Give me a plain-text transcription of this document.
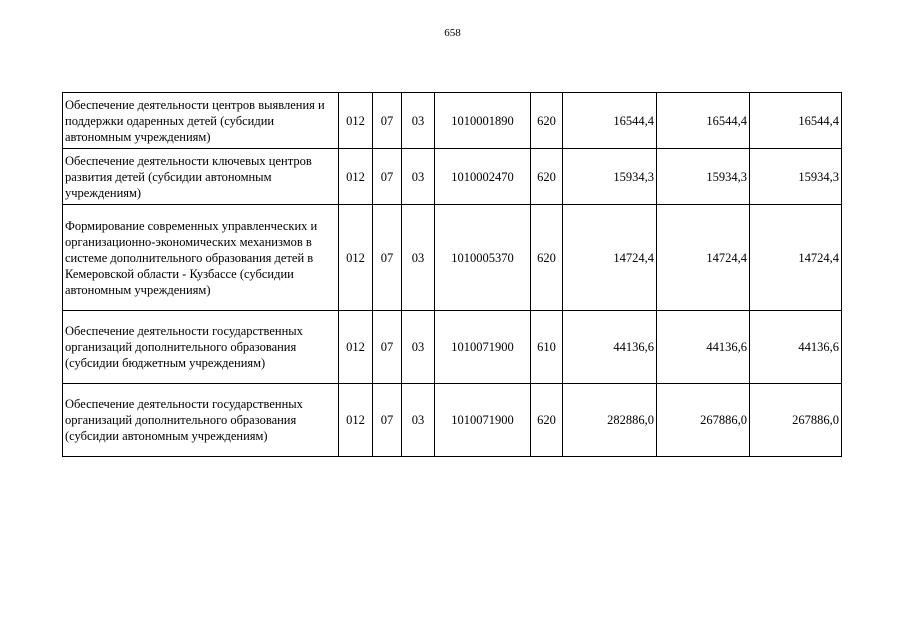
658
Обеспечение деятельности центров выявления и поддержки одаренных детей (субсидии автономным учреждениям)	012	07	03	1010001890	620	16544,4	16544,4	16544,4
Обеспечение деятельности ключевых центров развития детей (субсидии автономным учреждениям)	012	07	03	1010002470	620	15934,3	15934,3	15934,3
Формирование современных управленческих и организационно-экономических механизмов в системе дополнительного образования детей в Кемеровской области - Кузбассе (субсидии автономным учреждениям)	012	07	03	1010005370	620	14724,4	14724,4	14724,4
Обеспечение деятельности государственных организаций дополнительного образования (субсидии бюджетным учреждениям)	012	07	03	1010071900	610	44136,6	44136,6	44136,6
Обеспечение деятельности государственных организаций дополнительного образования (субсидии автономным учреждениям)	012	07	03	1010071900	620	282886,0	267886,0	267886,0
